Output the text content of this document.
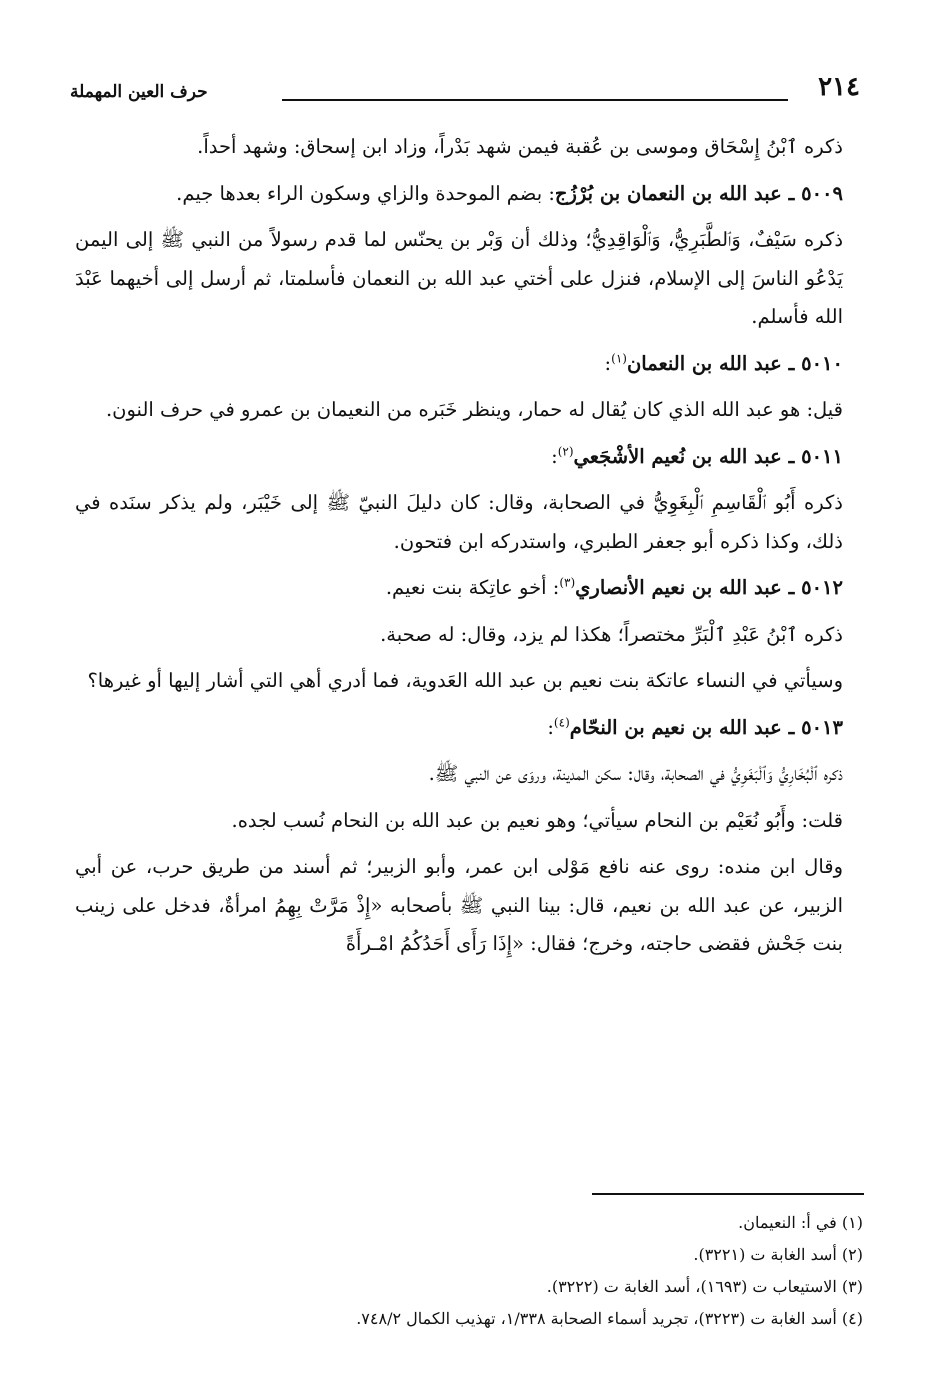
٢١٤
حرف العين المهملة

ذكره ٱبْنُ إِسْحَاق وموسى بن عُقبة فيمن شهد بَدْراً، وزاد ابن إسحاق: وشهد أحداً.

٥٠٠٩ ـ عبد الله بن النعمان بن بُرْزُج: بضم الموحدة والزاي وسكون الراء بعدها جيم.

ذكره سَيْفٌ، وَٱلطَّبَرِيُّ، وَٱلْوَاقِدِيُّ؛ وذلك أن وَبْر بن يحنّس لما قدم رسولاً من النبي ﷺ إلى اليمن يَدْعُو الناسَ إلى الإسلام، فنزل على أختي عبد الله بن النعمان فأسلمتا، ثم أرسل إلى أخيهما عَبْدَ الله فأسلم.

٥٠١٠ ـ عبد الله بن النعمان$^{(١)}$:

قيل: هو عبد الله الذي كان يُقال له حمار، وينظر خَبَره من النعيمان بن عمرو في حرف النون.

٥٠١١ ـ عبد الله بن نُعيم الأشْجَعي$^{(٢)}$:

ذكره أَبُو ٱلْقَاسِمِ ٱلْبِغَوِيُّ في الصحابة، وقال: كان دليلَ النبيّ ﷺ إلى خَيْبَر، ولم يذكر سنَده في ذلك، وكذا ذكره أبو جعفر الطبري، واستدركه ابن فتحون.

٥٠١٢ ـ عبد الله بن نعيم الأنصاري$^{(٣)}$: أخو عاتِكة بنت نعيم.

ذكره ٱبْنُ عَبْدِ ٱلْبَرِّ مختصراً؛ هكذا لم يزد، وقال: له صحبة.

وسيأتي في النساء عاتكة بنت نعيم بن عبد الله العَدوية، فما أدري أهي التي أشار إليها أو غيرها؟

٥٠١٣ ـ عبد الله بن نعيم بن النحّام$^{(٤)}$:

ذكره ٱلْبُخَارِيُّ وَٱلْبَغَوِيُّ في الصحابة، وقال: سكن المدينة، وروَى عن النبي ﷺ.

قلت: وأَبُو نُعَيْم بن النحام سيأتي؛ وهو نعيم بن عبد الله بن النحام نُسب لجده.

وقال ابن منده: روى عنه نافع مَوْلى ابن عمر، وأبو الزبير؛ ثم أسند من طريق حرب، عن أبي الزبير، عن عبد الله بن نعيم، قال: بينا النبي ﷺ بأصحابه «إِذْ مَرَّتْ بِهِمُ امرأةٌ، فدخل على زينب بنت جَحْش فقضى حاجته، وخرج؛ فقال: «إِذَا رَأَى أَحَدُكُمُ امْـرأَةً

(١) في أ: النعيمان.

(٢) أسد الغابة ت (٣٢٢١).

(٣) الاستيعاب ت (١٦٩٣)، أسد الغابة ت (٣٢٢٢).

(٤) أسد الغابة ت (٣٢٢٣)، تجريد أسماء الصحابة ١/٣٣٨، تهذيب الكمال ٧٤٨/٢.
